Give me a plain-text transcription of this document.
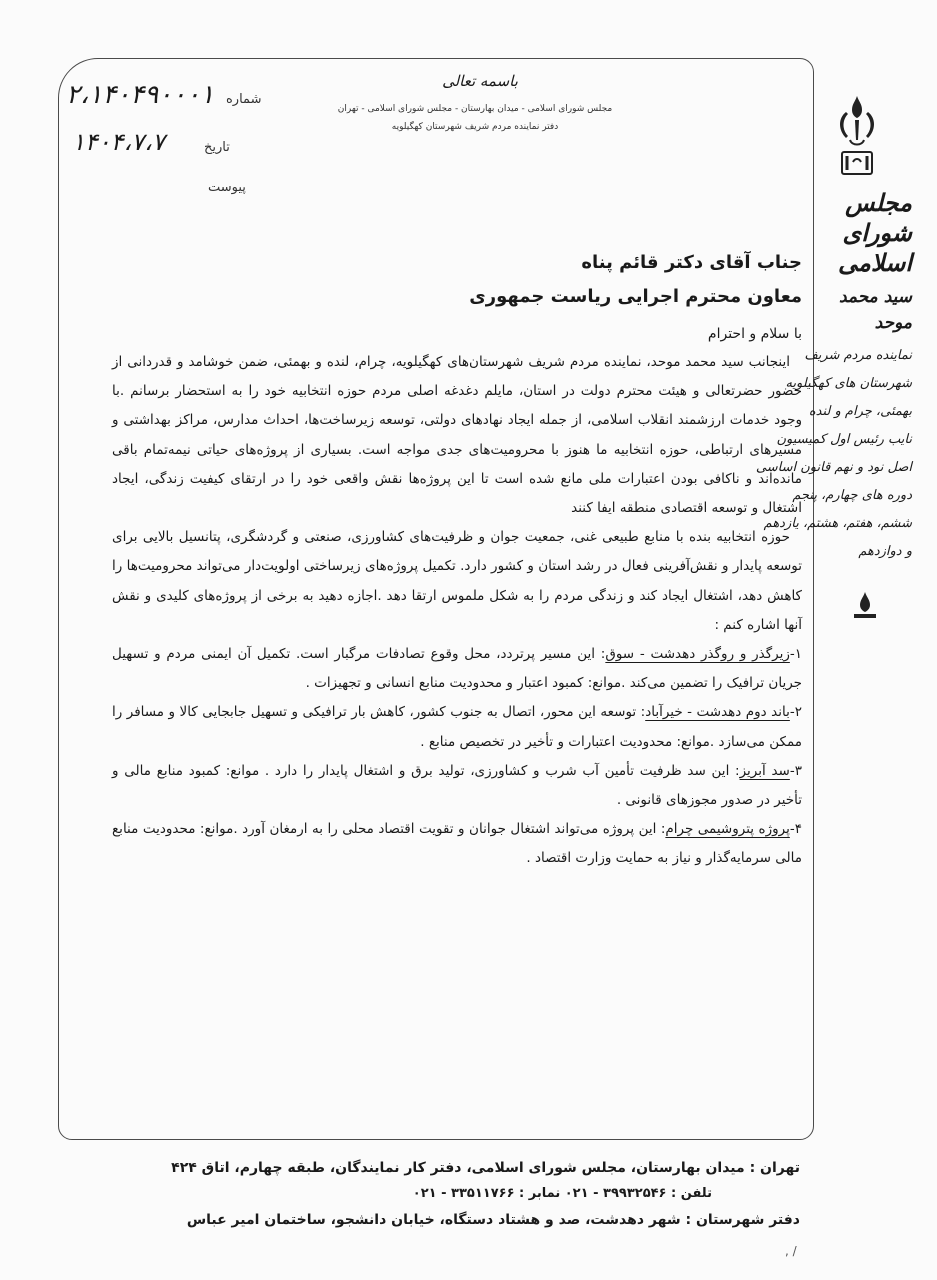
باسمه تعالی
مجلس شورای اسلامی - میدان بهارستان - مجلس شورای اسلامی - تهران
دفتر نماینده مردم شریف شهرستان کهگیلویه
۲،۱۴۰۴۹۰۰۰۱ شماره
۱۴۰۴،۷،۷	تاریخ
پیوست
مجلس شورای اسلامی
سید محمد موحد
نماینده مردم شریف
شهرستان های کهگیلویه
بهمئی، چرام و لنده
نایب رئیس اول کمیسیون
اصل نود و نهم قانون اساسی
دوره های چهارم، پنجم
ششم، هفتم، هشتم، یازدهم
و دوازدهم

جناب آقای دکتر قائم پناه

معاون محترم اجرایی ریاست جمهوری

با سلام و احترام

اینجانب سید محمد موحد، نماینده مردم شریف شهرستان‌های کهگیلویه، چرام، لنده و بهمئی، ضمن خوشامد و قدردانی از حضور حضرتعالی و هیئت محترم دولت در استان، مایلم دغدغه اصلی مردم حوزه انتخابیه خود را به استحضار برسانم .با وجود خدمات ارزشمند انقلاب اسلامی، از جمله ایجاد نهادهای دولتی، توسعه زیرساخت‌ها، احداث مدارس، مراکز بهداشتی و مسیرهای ارتباطی، حوزه انتخابیه ما هنوز با محرومیت‌های جدی مواجه است. بسیاری از پروژه‌های حیاتی نیمه‌تمام باقی مانده‌اند و ناکافی بودن اعتبارات ملی مانع شده است تا این پروژه‌ها نقش واقعی خود را در ارتقای کیفیت زندگی، ایجاد اشتغال و توسعه اقتصادی منطقه ایفا کنند

حوزه انتخابیه بنده با منابع طبیعی غنی، جمعیت جوان و ظرفیت‌های کشاورزی، صنعتی و گردشگری، پتانسیل بالایی برای توسعه پایدار و نقش‌آفرینی فعال در رشد استان و کشور دارد. تکمیل پروژه‌های زیرساختی اولویت‌دار می‌تواند محرومیت‌ها را کاهش دهد، اشتغال ایجاد کند و زندگی مردم را به شکل ملموس ارتقا دهد .اجازه دهید به برخی از پروژه‌های کلیدی و نقش آنها اشاره کنم :

۱-زیرگذر و روگذر دهدشت - سوق: این مسیر پرتردد، محل وقوع تصادفات مرگبار است. تکمیل آن ایمنی مردم و تسهیل جریان ترافیک را تضمین می‌کند .موانع: کمبود اعتبار و محدودیت منابع انسانی و تجهیزات .

۲-باند دوم دهدشت - خیرآباد: توسعه این محور، اتصال به جنوب کشور، کاهش بار ترافیکی و تسهیل جابجایی کالا و مسافر را ممکن می‌سازد .موانع: محدودیت اعتبارات و تأخیر در تخصیص منابع .

۳-سد آبریز: این سد ظرفیت تأمین آب شرب و کشاورزی، تولید برق و اشتغال پایدار را دارد . موانع: کمبود منابع مالی و تأخیر در صدور مجوزهای قانونی .

۴-پروژه پتروشیمی چرام: این پروژه می‌تواند اشتغال جوانان و تقویت اقتصاد محلی را به ارمغان آورد .موانع: محدودیت منابع مالی سرمایه‌گذار و نیاز به حمایت وزارت اقتصاد .

تهران : میدان بهارستان، مجلس شورای اسلامی، دفتر کار نمایندگان، طبقه چهارم، اتاق ۴۲۴
تلفن : ۳۹۹۳۲۵۴۶ - ۰۲۱ نمابر : ۳۳۵۱۱۷۶۶ - ۰۲۱
دفتر شهرستان : شهر دهدشت، صد و هشتاد دستگاه، خیابان دانشجو، ساختمان امیر عباس
, /
